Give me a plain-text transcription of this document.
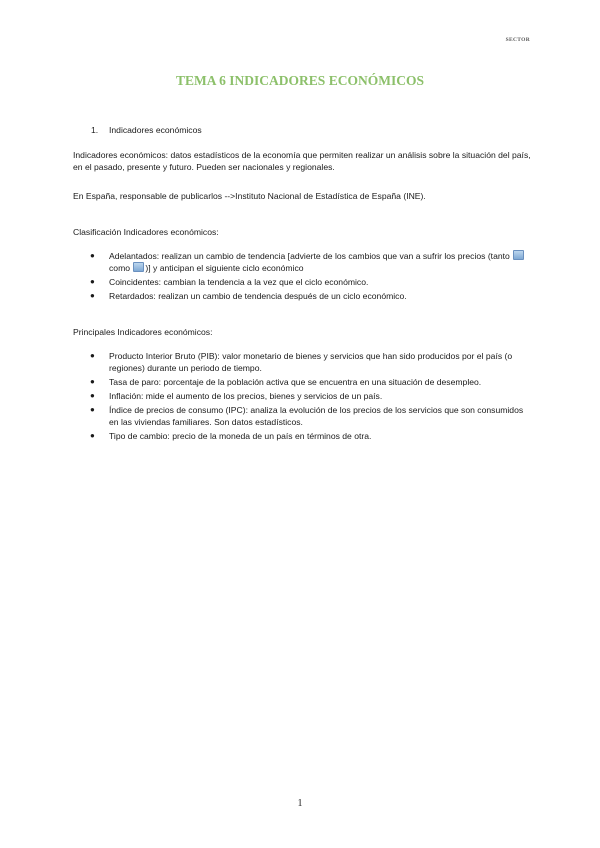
SECTOR
TEMA 6 INDICADORES ECONÓMICOS
1. Indicadores económicos

Indicadores económicos: datos estadísticos de la economía que permiten realizar un análisis sobre la situación del país, en el pasado, presente y futuro. Pueden ser nacionales y regionales.

En España, responsable de publicarlos -->Instituto Nacional de Estadística de España (INE).

Clasificación Indicadores económicos:

● Adelantados: realizan un cambio de tendencia [advierte de los cambios que van a sufrir los precios (tanto como )] y anticipan el siguiente ciclo económico
● Coincidentes: cambian la tendencia a la vez que el ciclo económico.
● Retardados: realizan un cambio de tendencia después de un ciclo económico.

Principales Indicadores económicos:

● Producto Interior Bruto (PIB): valor monetario de bienes y servicios que han sido producidos por el país (o regiones) durante un periodo de tiempo.
● Tasa de paro: porcentaje de la población activa que se encuentra en una situación de desempleo.
● Inflación: mide el aumento de los precios, bienes y servicios de un país.
● Índice de precios de consumo (IPC): analiza la evolución de los precios de los servicios que son consumidos en las viviendas familiares. Son datos estadísticos.
● Tipo de cambio: precio de la moneda de un país en términos de otra.
1
